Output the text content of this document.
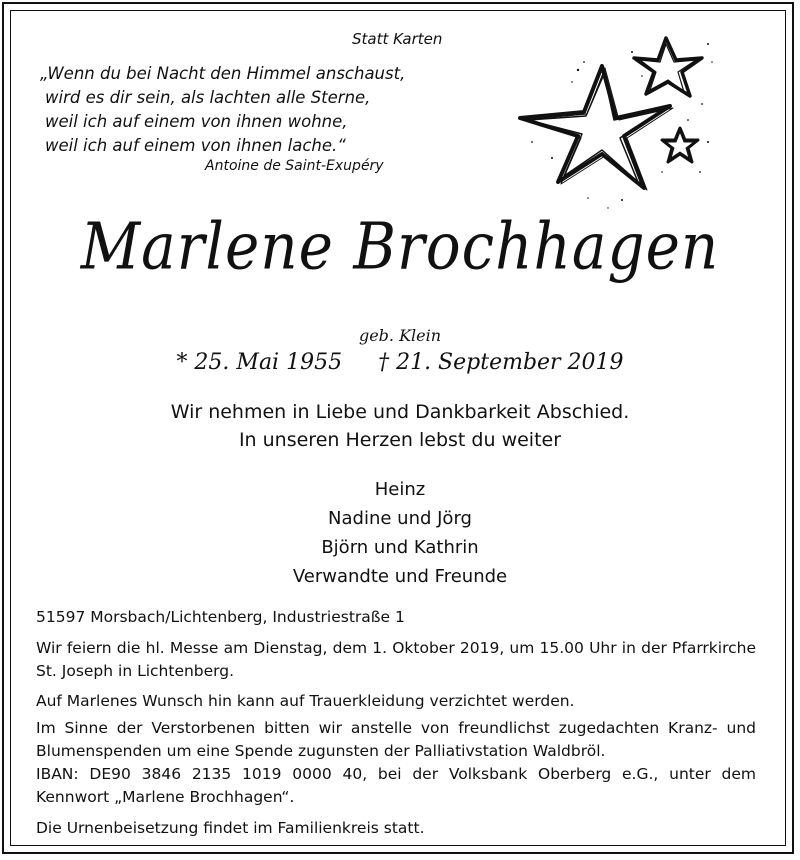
Statt Karten
„Wenn du bei Nacht den Himmel anschaust,
wird es dir sein, als lachten alle Sterne,
weil ich auf einem von ihnen wohne,
weil ich auf einem von ihnen lache.“
Antoine de Saint-Exupéry
Marlene Brochhagen
geb. Klein
* 25. Mai 1955 † 21. September 2019
Wir nehmen in Liebe und Dankbarkeit Abschied.
In unseren Herzen lebst du weiter
Heinz
Nadine und Jörg
Björn und Kathrin
Verwandte und Freunde
51597 Morsbach/Lichtenberg, Industriestraße 1
Wir feiern die hl. Messe am Dienstag, dem 1. Oktober 2019, um 15.00 Uhr in der Pfarrkirche St. Joseph in Lichtenberg.
Auf Marlenes Wunsch hin kann auf Trauerkleidung verzichtet werden.
Im Sinne der Verstorbenen bitten wir anstelle von freundlichst zugedachten Kranz- und Blumenspenden um eine Spende zugunsten der Palliativstation Waldbröl.
IBAN: DE90 3846 2135 1019 0000 40, bei der Volksbank Oberberg e.G., unter dem Kennwort „Marlene Brochhagen“.
Die Urnenbeisetzung findet im Familienkreis statt.
